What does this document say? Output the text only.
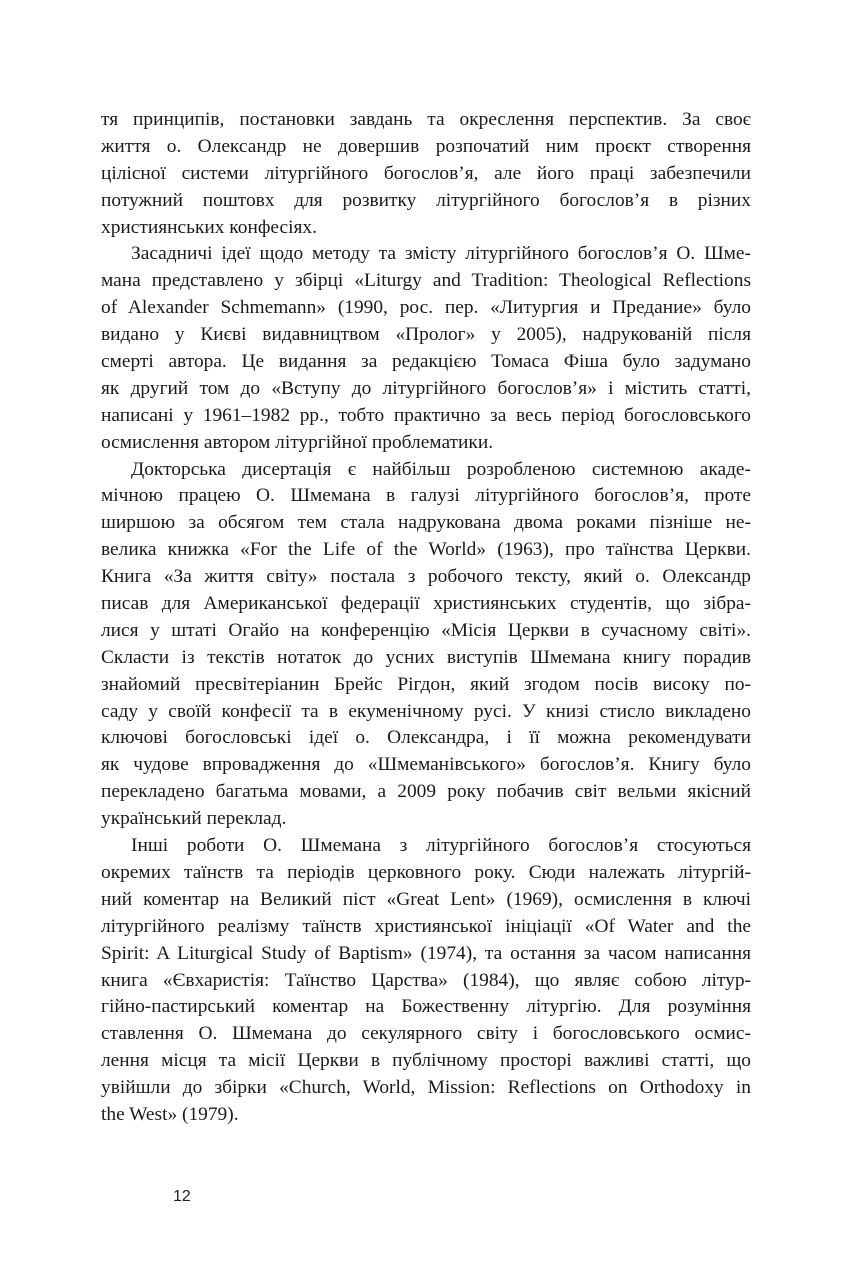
тя принципів, постановки завдань та окреслення перспектив. За своє
життя о. Олександр не довершив розпочатий ним проєкт створення
цілісної системи літургійного богослов’я, але його праці забезпечили
потужний поштовх для розвитку літургійного богослов’я в різних
християнських конфесіях.
Засадничі ідеї щодо методу та змісту літургійного богослов’я О. Шме-
мана представлено у збірці «Liturgy and Tradition: Theological Reflections
of Alexander Schmemann» (1990, рос. пер. «Литургия и Предание» було
видано у Києві видавництвом «Пролог» у 2005), надрукованій після
смерті автора. Це видання за редакцією Томаса Фіша було задумано
як другий том до «Вступу до літургійного богослов’я» і містить статті,
написані у 1961–1982 рр., тобто практично за весь період богословського
осмислення автором літургійної проблематики.
Докторська дисертація є найбільш розробленою системною акаде-
мічною працею О. Шмемана в галузі літургійного богослов’я, проте
ширшою за обсягом тем стала надрукована двома роками пізніше не-
велика книжка «For the Life of the World» (1963), про таїнства Церкви.
Книга «За життя світу» постала з робочого тексту, який о. Олександр
писав для Американської федерації християнських студентів, що зібра-
лися у штаті Огайо на конференцію «Місія Церкви в сучасному світі».
Скласти із текстів нотаток до усних виступів Шмемана книгу порадив
знайомий пресвітеріанин Брейс Рігдон, який згодом посів високу по-
саду у своїй конфесії та в екуменічному русі. У книзі стисло викладено
ключові богословські ідеї о. Олександра, і її можна рекомендувати
як чудове впровадження до «Шмеманівського» богослов’я. Книгу було
перекладено багатьма мовами, а 2009 року побачив світ вельми якісний
український переклад.
Інші роботи О. Шмемана з літургійного богослов’я стосуються
окремих таїнств та періодів церковного року. Сюди належать літургій-
ний коментар на Великий піст «Great Lent» (1969), осмислення в ключі
літургійного реалізму таїнств християнської ініціації «Of Water and the
Spirit: A Liturgical Study of Baptism» (1974), та остання за часом написання
книга «Євхаристія: Таїнство Царства» (1984), що являє собою літур-
гійно-пастирський коментар на Божественну літургію. Для розуміння
ставлення О. Шмемана до секулярного світу і богословського осмис-
лення місця та місії Церкви в публічному просторі важливі статті, що
увійшли до збірки «Church, World, Mission: Reflections on Orthodoxy in
the West» (1979).
12
